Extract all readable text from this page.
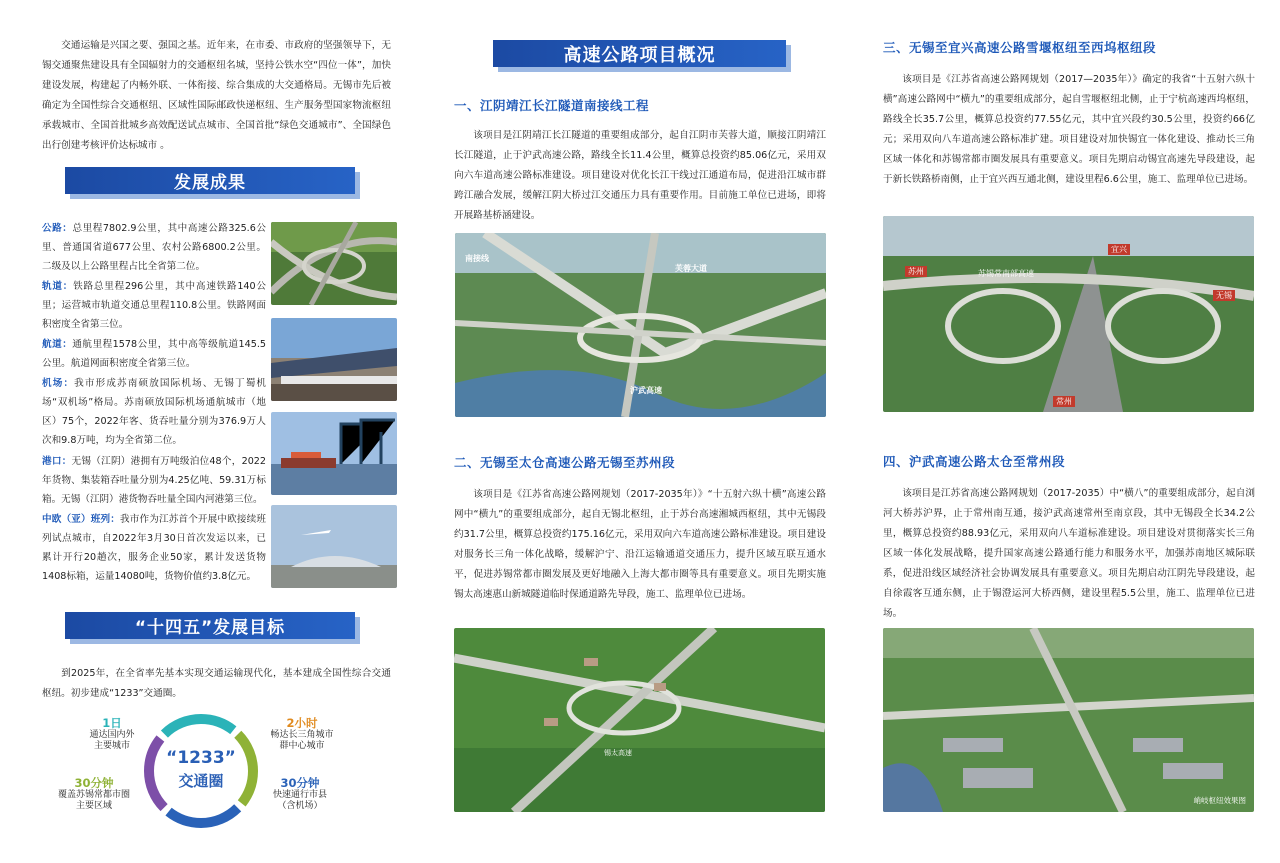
交通运输是兴国之要、强国之基。近年来，在市委、市政府的坚强领导下，无锡交通聚焦建设具有全国辐射力的交通枢纽名城，坚持公铁水空“四位一体”，加快建设发展，构建起了内畅外联、一体衔接、综合集成的大交通格局。无锡市先后被确定为全国性综合交通枢纽、区域性国际邮政快递枢纽、生产服务型国家物流枢纽承载城市、全国首批城乡高效配送试点城市、全国首批“绿色交通城市”、全国绿色出行创建考核评价达标城市 。

发展成果
公路：总里程7802.9公里，其中高速公路325.6公里、普通国省道677公里、农村公路6800.2公里。二级及以上公路里程占比全省第二位。
轨道：铁路总里程296公里，其中高速铁路140公里；运营城市轨道交通总里程110.8公里。铁路网面积密度全省第三位。
航道：通航里程1578公里，其中高等级航道145.5公里。航道网面积密度全省第三位。
机场：我市形成苏南硕放国际机场、无锡丁蜀机场“双机场”格局。苏南硕放国际机场通航城市（地区）75个，2022年客、货吞吐量分别为376.9万人次和9.8万吨，均为全省第二位。
港口：无锡（江阴）港拥有万吨级泊位48个，2022年货物、集装箱吞吐量分别为4.25亿吨、59.31万标箱。无锡（江阴）港货物吞吐量全国内河港第三位。
中欧（亚）班列：我市作为江苏首个开展中欧接续班列试点城市，自2022年3月30日首次发运以来，已累计开行20趟次，服务企业50家，累计发送货物1408标箱，运量14080吨，货物价值约3.8亿元。
“十四五”发展目标

到2025年，在全省率先基本实现交通运输现代化，基本建成全国性综合交通枢纽。初步建成“1233”交通圈。

“1233”
交通圈
1日
通达国内外
主要城市
2小时
畅达长三角城市
群中心城市
30分钟
覆盖苏锡常都市圈
主要区域
30分钟
快速通行市县
（含机场）
高速公路项目概况
一、江阴靖江长江隧道南接线工程

该项目是江阴靖江长江隧道的重要组成部分，起自江阴市芙蓉大道，顺接江阴靖江长江隧道，止于沪武高速公路，路线全长11.4公里，概算总投资约85.06亿元，采用双向六车道高速公路标准建设。项目建设对优化长江干线过江通道布局，促进沿江城市群跨江融合发展，缓解江阴大桥过江交通压力具有重要作用。目前施工单位已进场，即将开展路基桥涵建设。

南接线
芙蓉大道
沪武高速
二、无锡至太仓高速公路无锡至苏州段

该项目是《江苏省高速公路网规划（2017-2035年）》“十五射六纵十横”高速公路网中“横九”的重要组成部分，起自无锡北枢纽，止于苏台高速湘城西枢纽，其中无锡段约31.7公里，概算总投资约175.16亿元，采用双向六车道高速公路标准建设。项目建设对服务长三角一体化战略，缓解沪宁、沿江运输通道交通压力，提升区域互联互通水平，促进苏锡常都市圈发展及更好地融入上海大都市圈等具有重要意义。项目先期实施锡太高速惠山新城隧道临时保通道路先导段，施工、监理单位已进场。

锡太高速
三、无锡至宜兴高速公路雪堰枢纽至西坞枢纽段

该项目是《江苏省高速公路网规划（2017—2035年）》确定的我省“十五射六纵十横”高速公路网中“横九”的重要组成部分，起自雪堰枢纽北侧，止于宁杭高速西坞枢纽，路线全长35.7公里，概算总投资约77.55亿元，其中宜兴段约30.5公里，投资约66亿元；采用双向八车道高速公路标准扩建。项目建设对加快锡宜一体化建设、推动长三角区域一体化和苏锡常都市圈发展具有重要意义。项目先期启动锡宜高速先导段建设，起于新长铁路桥南侧，止于宜兴西互通北侧，建设里程6.6公里，施工、监理单位已进场。

苏州	苏锡常南部高速
宜兴
常州
无锡
四、沪武高速公路太仓至常州段

该项目是江苏省高速公路网规划（2017-2035）中“横八”的重要组成部分，起自浏河大桥苏沪界，止于常州南互通，接沪武高速常州至南京段，其中无锡段全长34.2公里，概算总投资约88.93亿元，采用双向八车道标准建设。项目建设对贯彻落实长三角区域一体化发展战略，提升国家高速公路通行能力和服务水平，加强苏南地区城际联系，促进沿线区域经济社会协调发展具有重要意义。项目先期启动江阴先导段建设，起自徐霞客互通东侧，止于锡澄运河大桥西侧，建设里程5.5公里，施工、监理单位已进场。

峭岐枢纽效果图
